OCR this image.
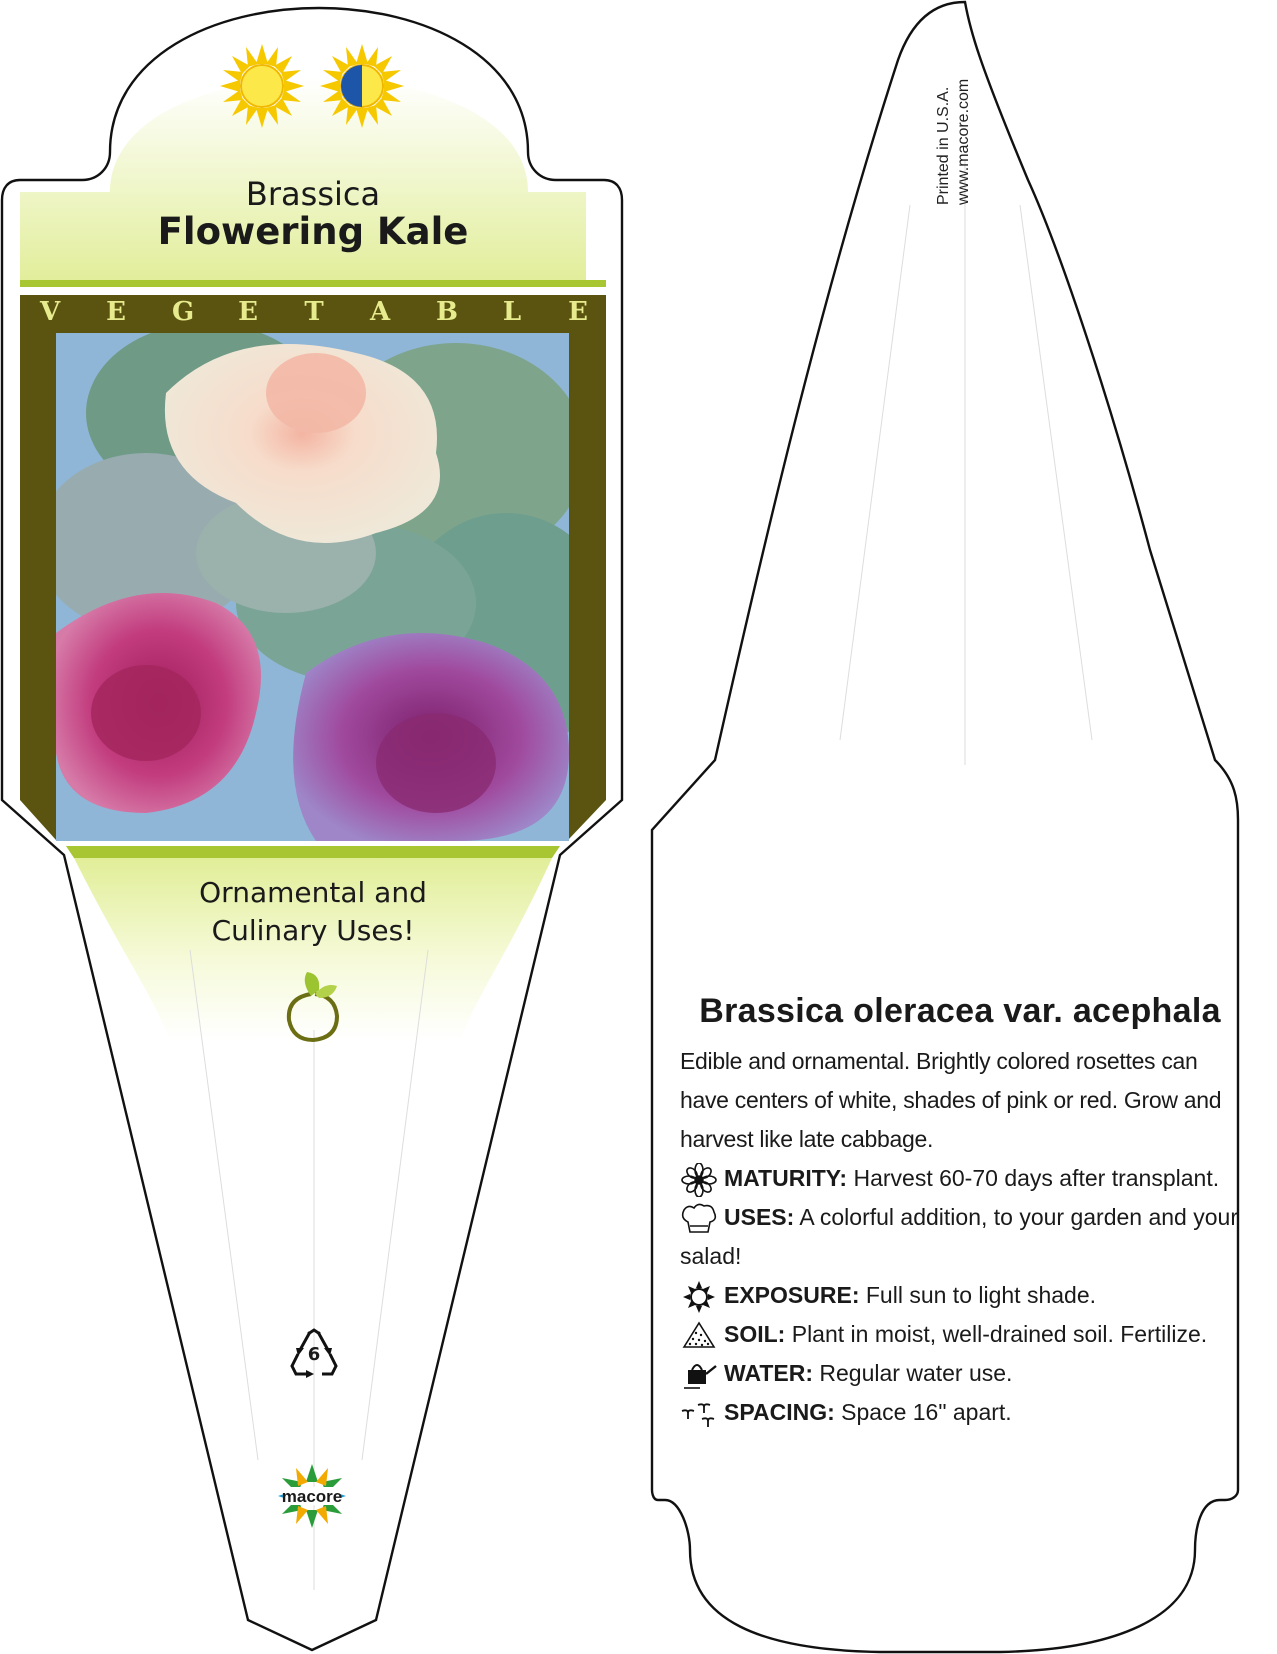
Brassica
Flowering Kale
V E G E T A B L E
Ornamental and
Culinary Uses!
6
macore
Printed in U.S.A. www.macore.com
Brassica oleracea var. acephala

Edible and ornamental. Brightly colored rosettes can have centers of white, shades of pink or red. Grow and harvest like late cabbage.

MATURITY: Harvest 60-70 days after transplant.
USES: A colorful addition, to your garden and your salad!
EXPOSURE: Full sun to light shade.
SOIL: Plant in moist, well-drained soil. Fertilize.
WATER: Regular water use.
SPACING: Space 16" apart.
